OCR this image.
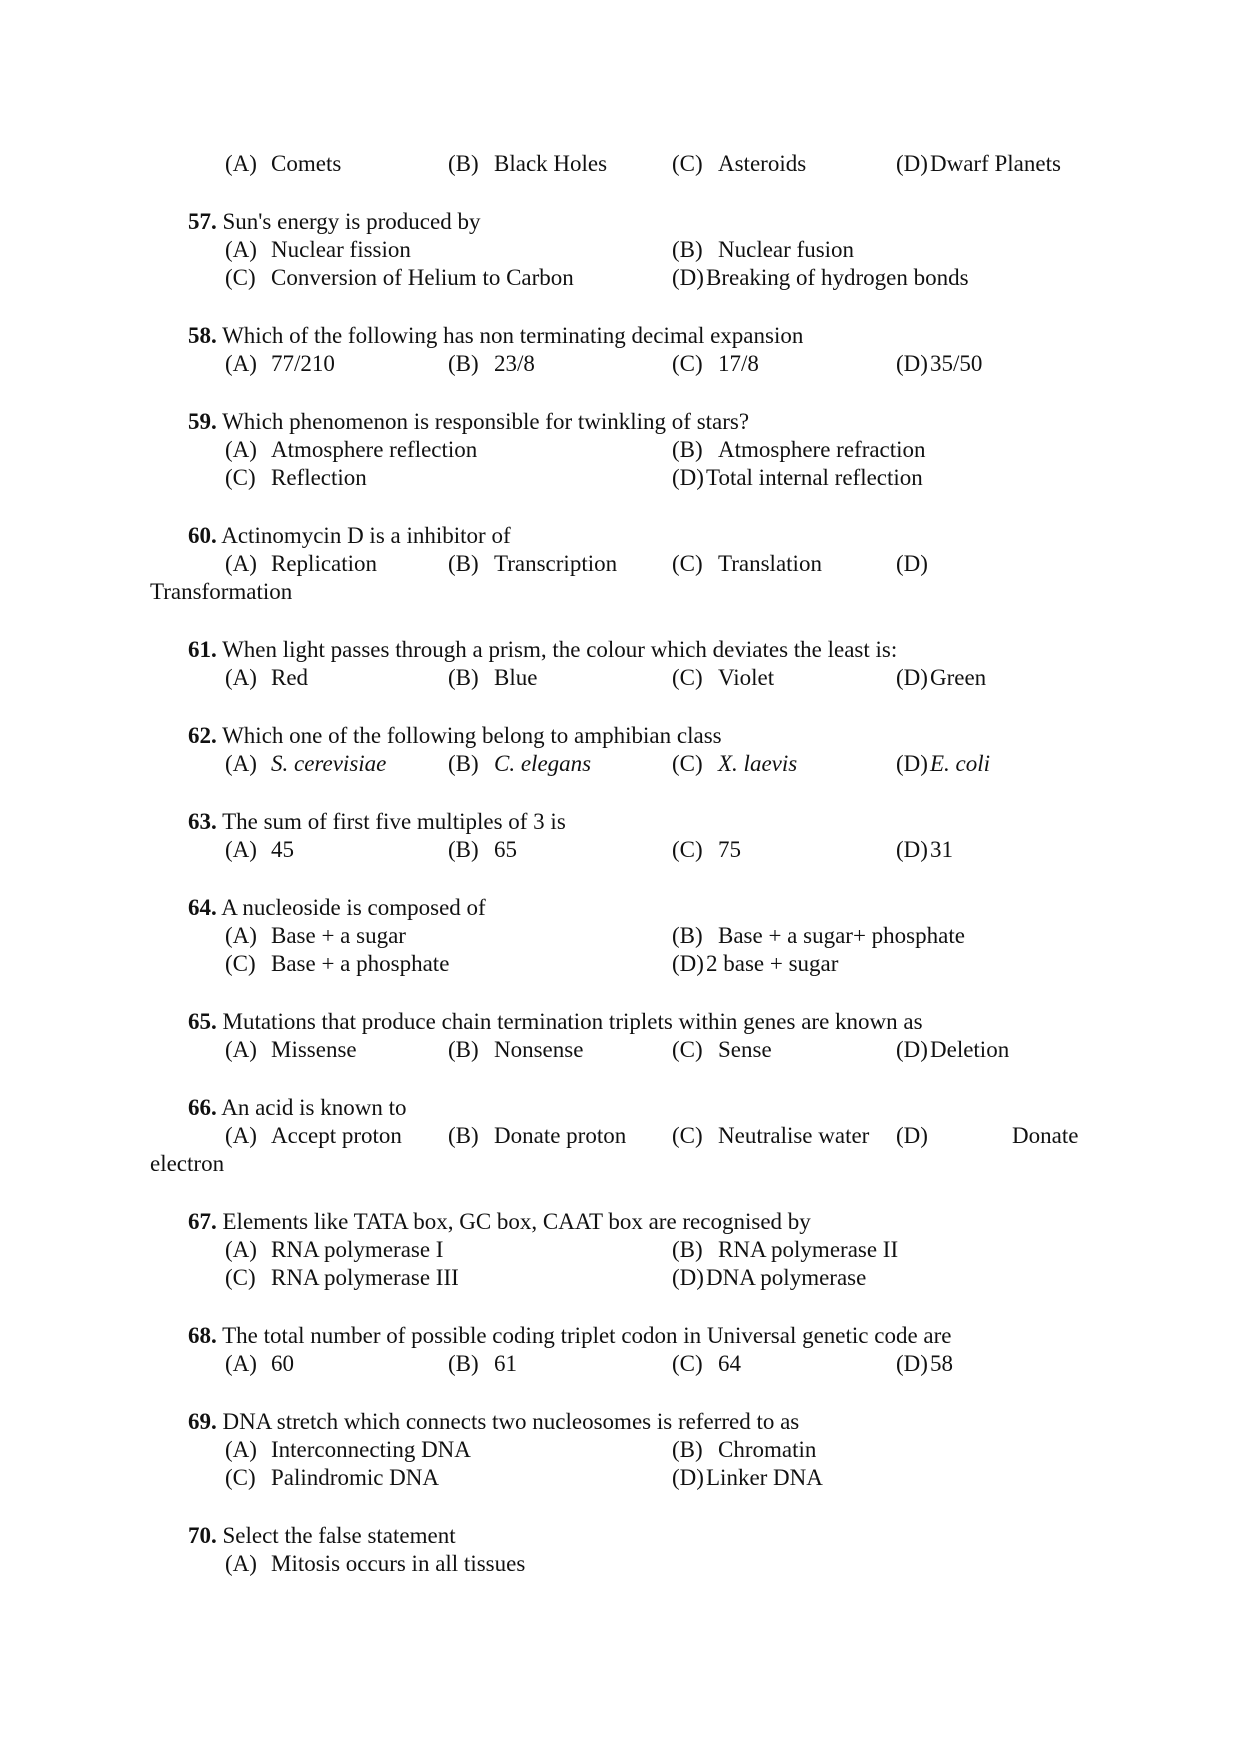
(A) Comets	(B) Black Holes	(C) Asteroids	(D)Dwarf Planets
57. Sun's energy is produced by
(A) Nuclear fission	(B) Nuclear fusion
(C) Conversion of Helium to Carbon	(D)Breaking of hydrogen bonds
58. Which of the following has non terminating decimal expansion
(A) 77/210	(B) 23/8	(C) 17/8	(D)35/50
59. Which phenomenon is responsible for twinkling of stars?
(A) Atmosphere reflection	(B) Atmosphere refraction
(C) Reflection	(D)Total internal reflection
60. Actinomycin D is a inhibitor of
(A) Replication	(B) Transcription (C) Translation	(D)
Transformation
61. When light passes through a prism, the colour which deviates the least is:
(A) Red	(B) Blue	(C) Violet	(D)Green
62. Which one of the following belong to amphibian class
(A) S. cerevisiae	(B) C. elegans	(C) X. laevis	(D)E. coli
63. The sum of first five multiples of 3 is
(A) 45	(B) 65	(C) 75	(D)31
64. A nucleoside is composed of
(A) Base + a sugar	(B) Base + a sugar+ phosphate
(C) Base + a phosphate	(D)2 base + sugar
65. Mutations that produce chain termination triplets within genes are known as
(A) Missense	(B) Nonsense	(C) Sense	(D)Deletion
66. An acid is known to
(A) Accept proton (B) Donate proton (C) Neutralise water (D)	Donate
electron
67. Elements like TATA box, GC box, CAAT box are recognised by
(A) RNA polymerase I	(B) RNA polymerase II
(C) RNA polymerase III	(D)DNA polymerase
68. The total number of possible coding triplet codon in Universal genetic code are
(A) 60	(B) 61	(C) 64	(D)58
69. DNA stretch which connects two nucleosomes is referred to as
(A) Interconnecting DNA	(B) Chromatin
(C) Palindromic DNA	(D)Linker DNA
70. Select the false statement
(A) Mitosis occurs in all tissues
